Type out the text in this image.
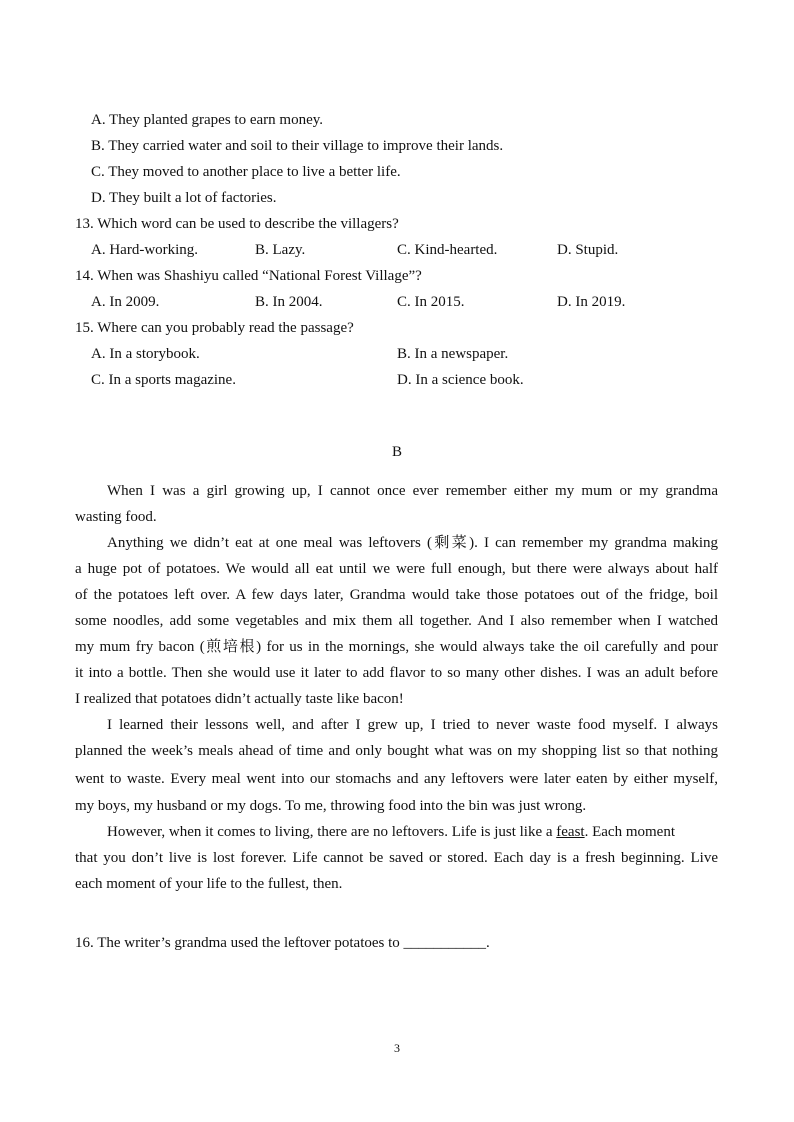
A. They planted grapes to earn money.
B. They carried water and soil to their village to improve their lands.
C. They moved to another place to live a better life.
D. They built a lot of factories.
13. Which word can be used to describe the villagers?
A. Hard-working.	B. Lazy.	C. Kind-hearted.	D. Stupid.
14. When was Shashiyu called “National Forest Village”?
A. In 2009.	B. In 2004.	C. In 2015.	D. In 2019.
15. Where can you probably read the passage?
A. In a storybook.	B. In a newspaper.
C. In a sports magazine.	D. In a science book.
B
When I was a girl growing up, I cannot once ever remember either my mum or my grandma
wasting food.
Anything we didn’t eat at one meal was leftovers (剩菜). I can remember my grandma making
a huge pot of potatoes. We would all eat until we were full enough, but there were always about half
of the potatoes left over. A few days later, Grandma would take those potatoes out of the fridge, boil
some noodles, add some vegetables and mix them all together. And I also remember when I watched
my mum fry bacon (煎培根) for us in the mornings, she would always take the oil carefully and pour
it into a bottle. Then she would use it later to add flavor to so many other dishes. I was an adult before
I realized that potatoes didn’t actually taste like bacon!
I learned their lessons well, and after I grew up, I tried to never waste food myself. I always
planned the week’s meals ahead of time and only bought what was on my shopping list so that nothing
went to waste. Every meal went into our stomachs and any leftovers were later eaten by either myself,
my boys, my husband or my dogs. To me, throwing food into the bin was just wrong.
However, when it comes to living, there are no leftovers. Life is just like a feast. Each moment
that you don’t live is lost forever. Life cannot be saved or stored. Each day is a fresh beginning. Live
each moment of your life to the fullest, then.
16. The writer’s grandma used the leftover potatoes to ___________.
3
